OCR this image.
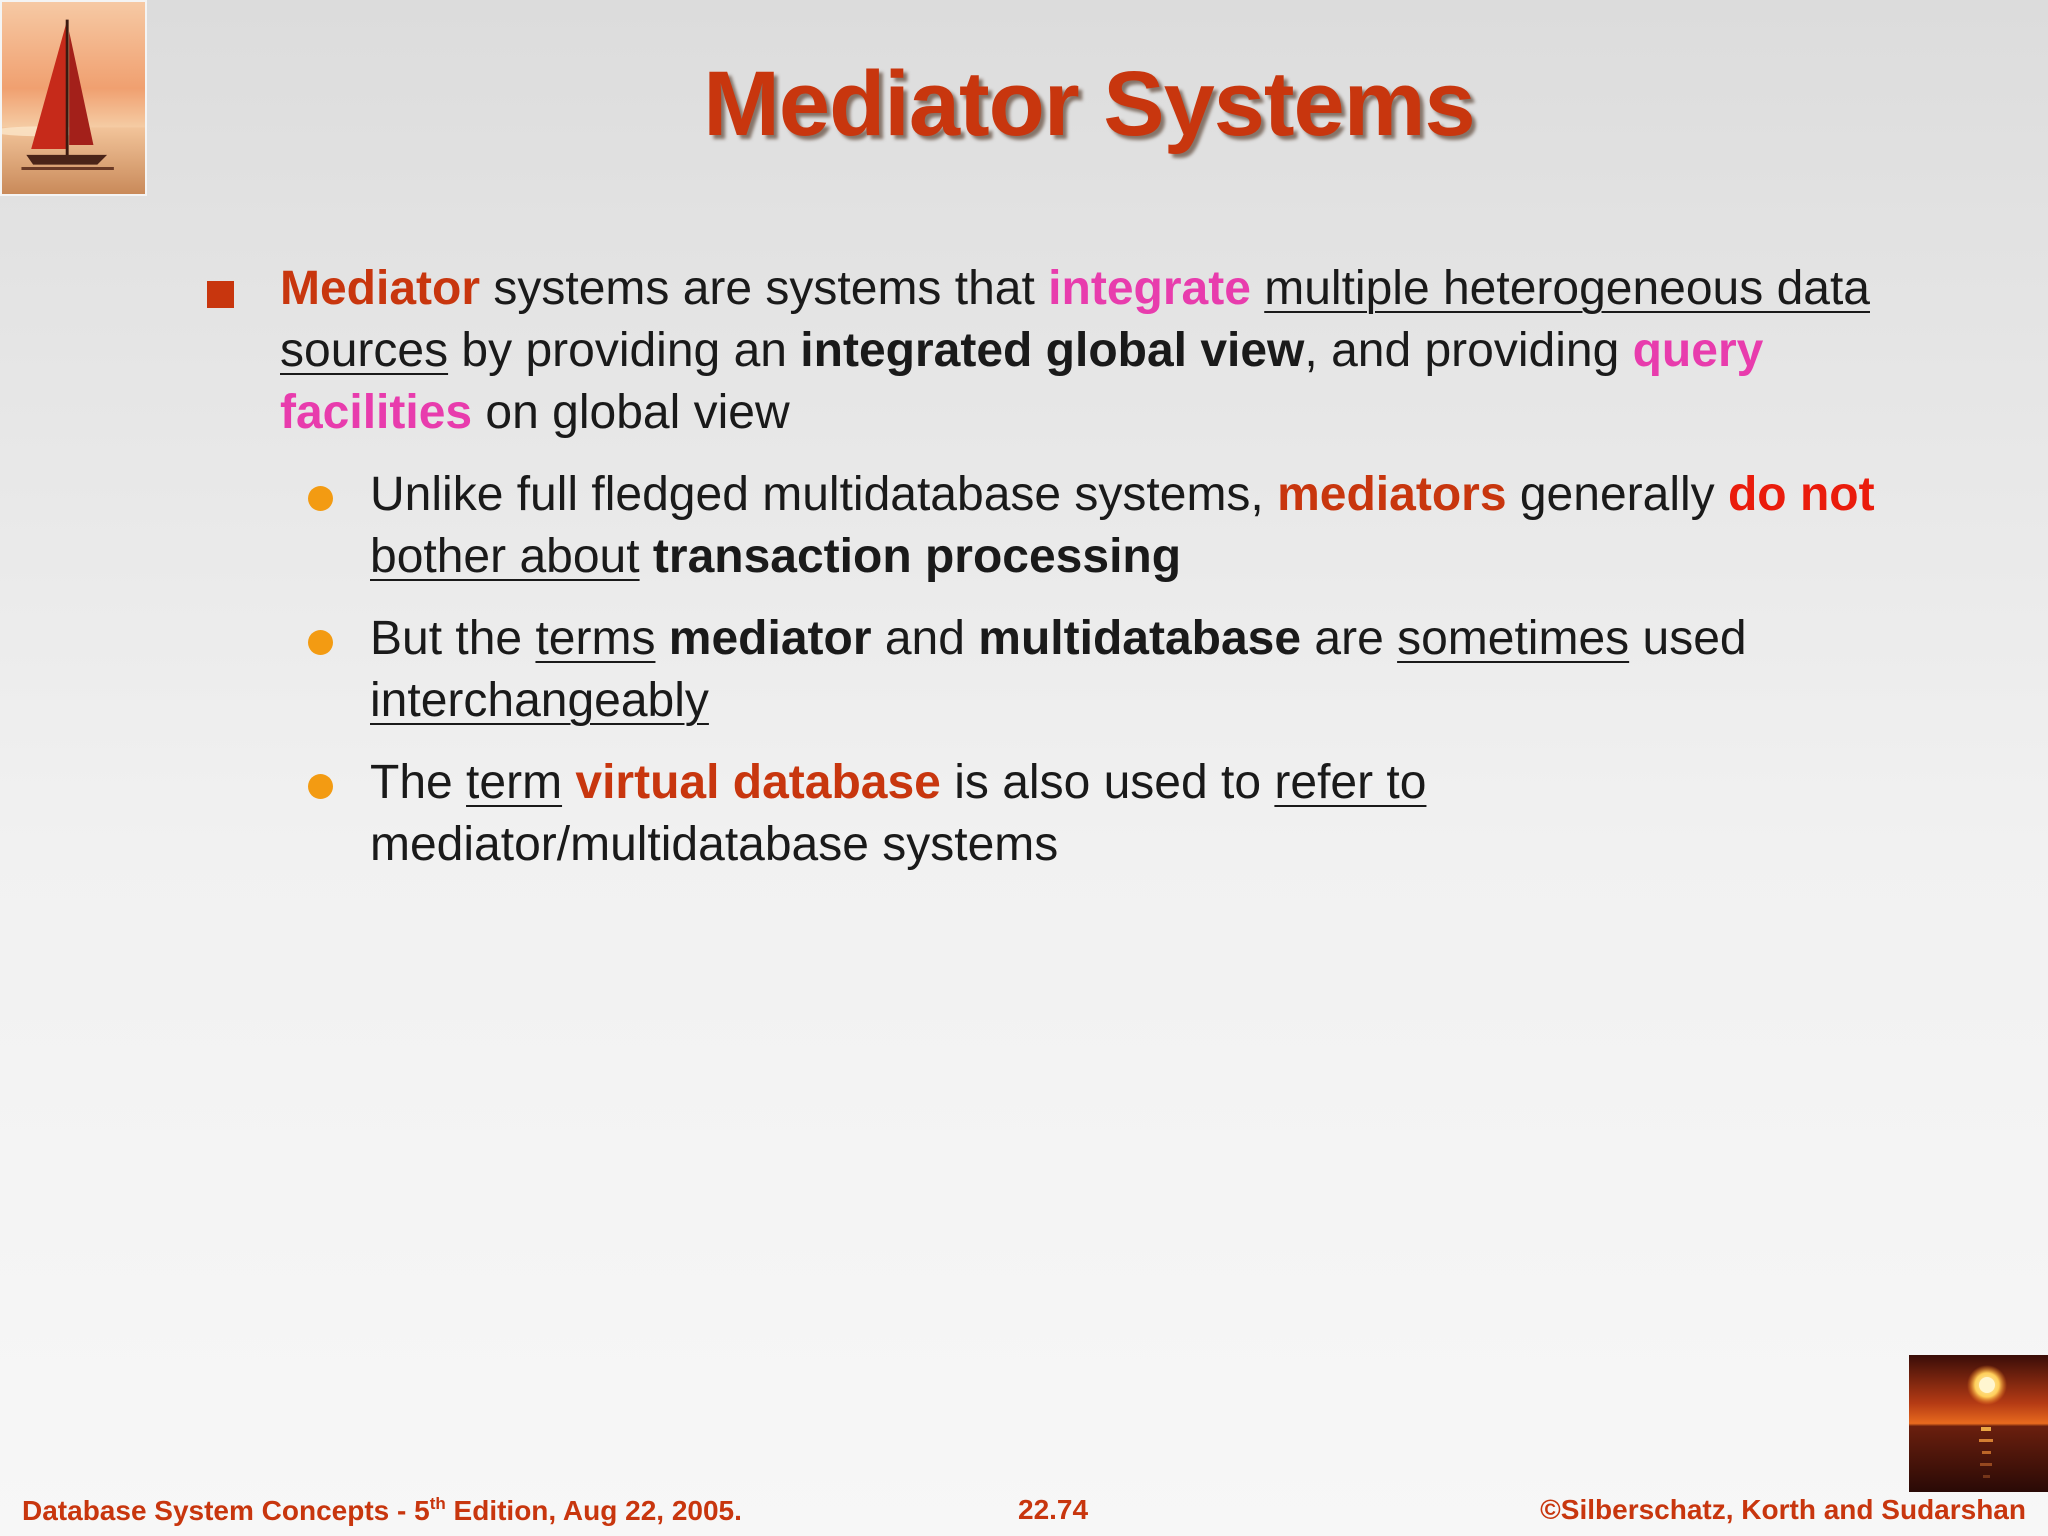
Mediator Systems
Mediator systems are systems that integrate multiple heterogeneous data sources by providing an integrated global view, and providing query facilities on global view
Unlike full fledged multidatabase systems, mediators generally do not bother about transaction processing
But the terms mediator and multidatabase are sometimes used interchangeably
The term virtual database is also used to refer to mediator/multidatabase systems
Database System Concepts - 5th Edition, Aug 22, 2005.	22.74	©Silberschatz, Korth and Sudarshan
